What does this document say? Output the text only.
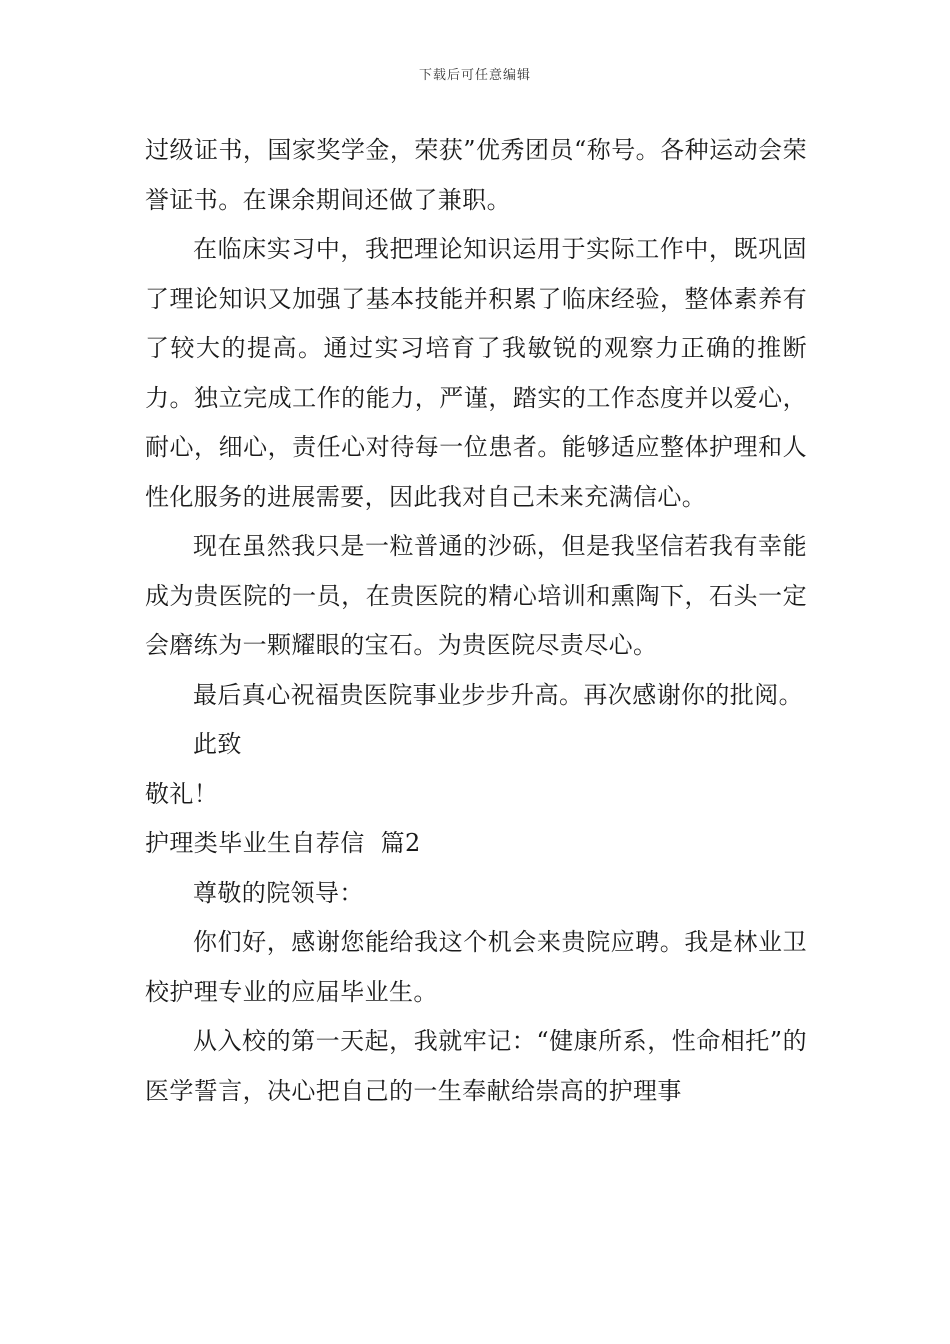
下载后可任意编辑

过级证书，国家奖学金，荣获”优秀团员“称号。各种运动会荣誉证书。在课余期间还做了兼职。

在临床实习中，我把理论知识运用于实际工作中，既巩固了理论知识又加强了基本技能并积累了临床经验，整体素养有了较大的提高。通过实习培育了我敏锐的观察力正确的推断力。独立完成工作的能力，严谨，踏实的工作态度并以爱心，耐心，细心，责任心对待每一位患者。能够适应整体护理和人性化服务的进展需要，因此我对自己未来充满信心。

现在虽然我只是一粒普通的沙砾，但是我坚信若我有幸能成为贵医院的一员，在贵医院的精心培训和熏陶下，石头一定会磨练为一颗耀眼的宝石。为贵医院尽责尽心。

最后真心祝福贵医院事业步步升高。再次感谢你的批阅。

此致

敬礼！

护理类毕业生自荐信  篇2

尊敬的院领导：

你们好，感谢您能给我这个机会来贵院应聘。我是林业卫校护理专业的应届毕业生。

从入校的第一天起，我就牢记：“健康所系，性命相托”的医学誓言，决心把自己的一生奉献给崇高的护理事
